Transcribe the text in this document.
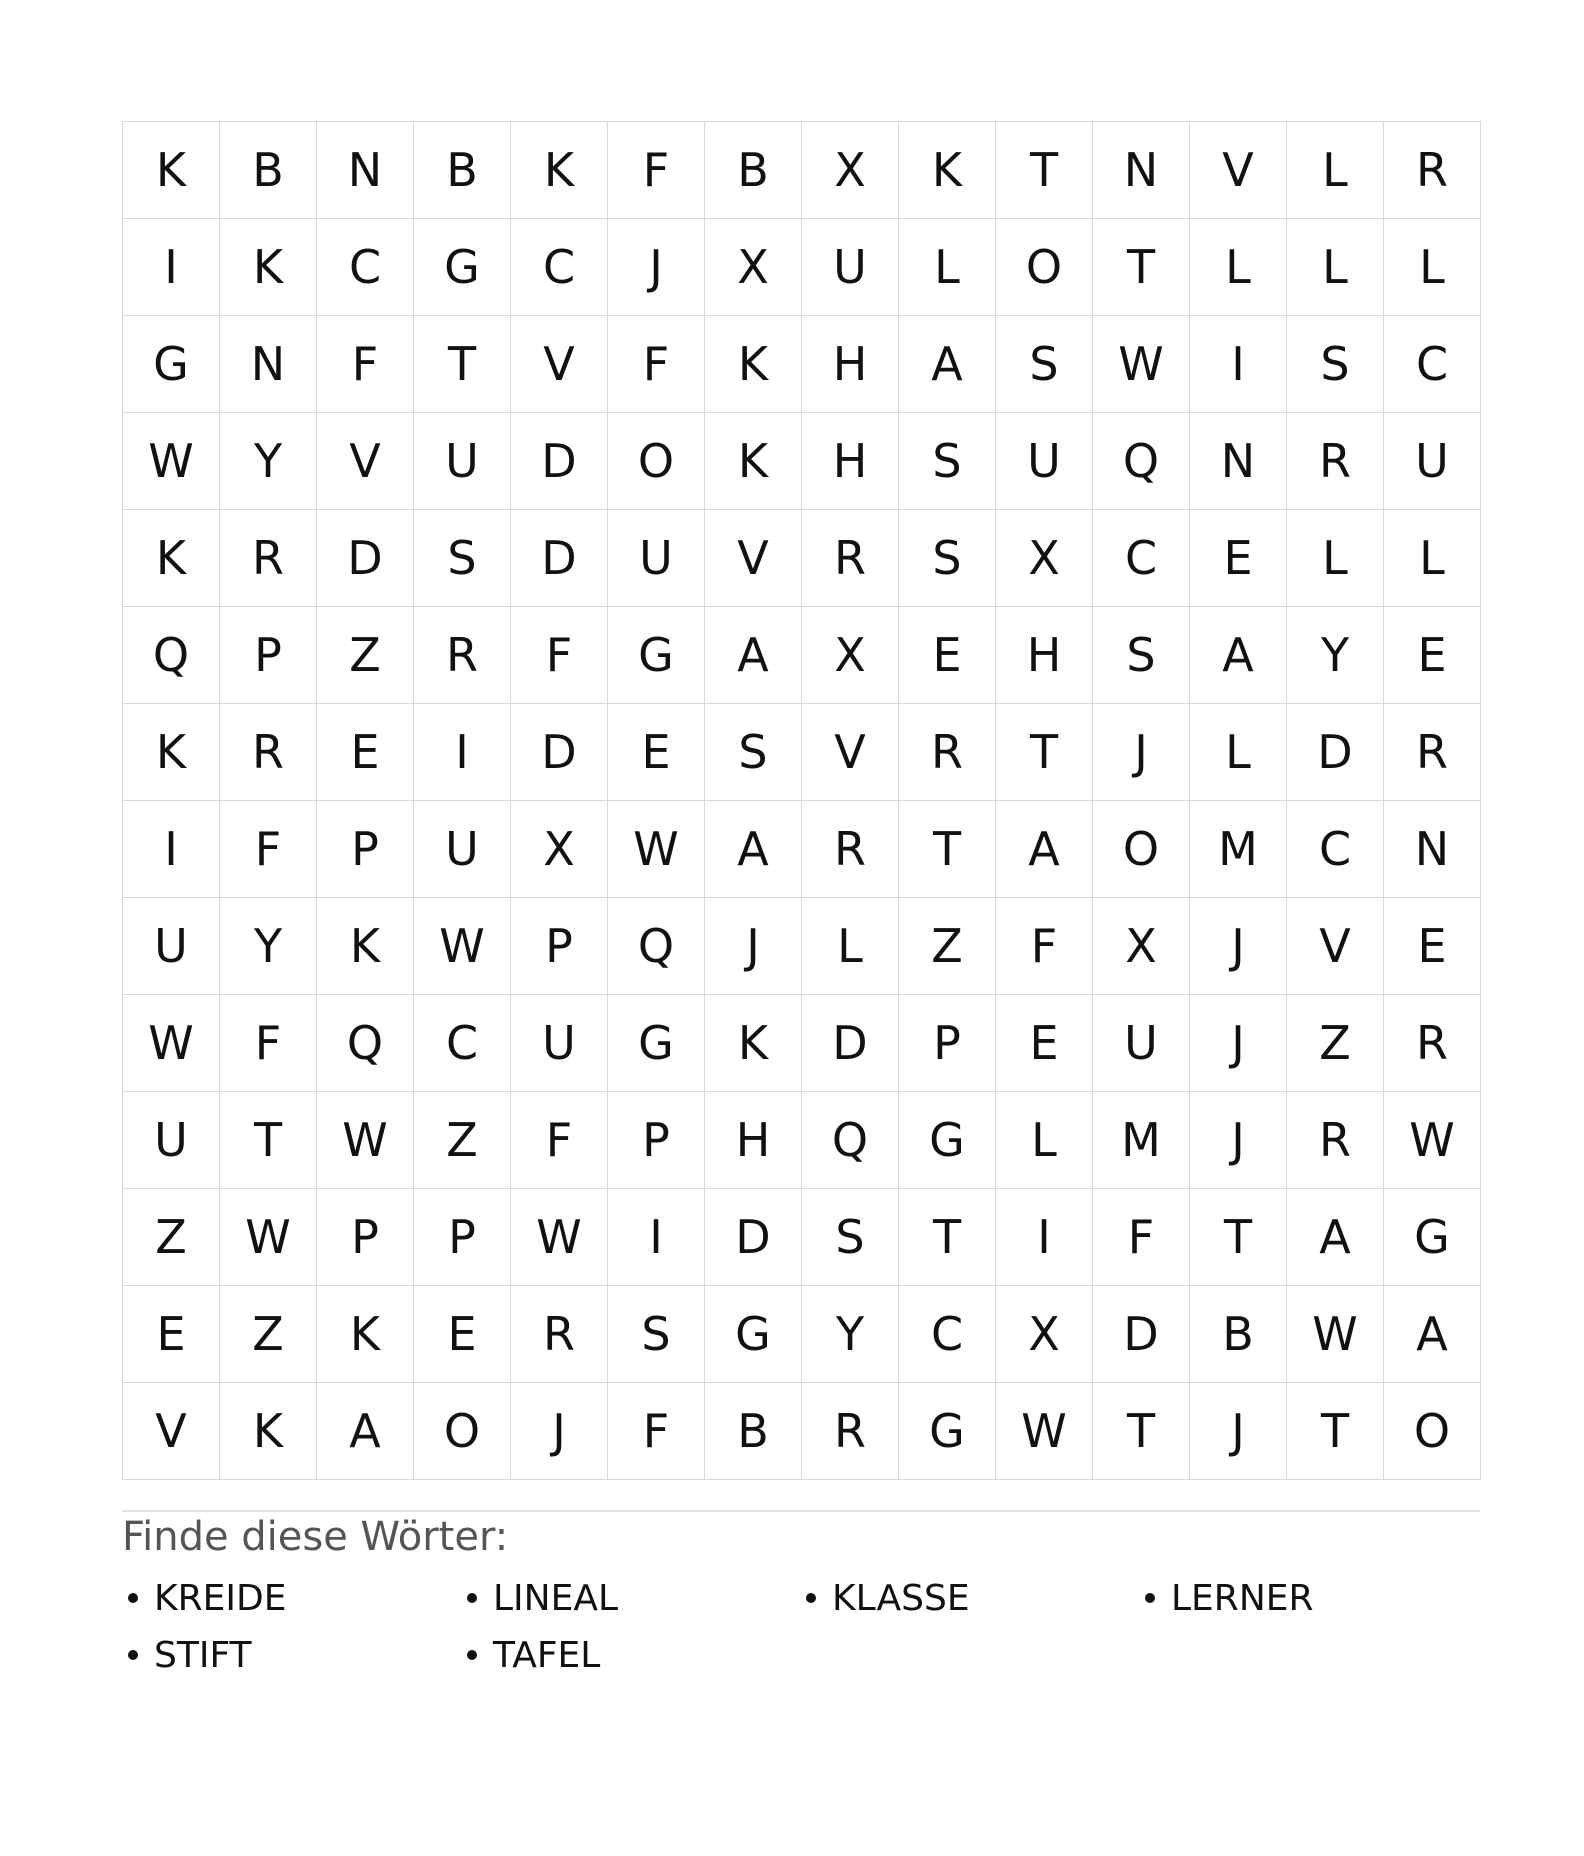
K	B	N	B	K	F	B	X	K	T	N	V	L	R
I	K	C	G	C	J	X	U	L	O	T	L	L	L
G	N	F	T	V	F	K	H	A	S	W	I	S	C
W	Y	V	U	D	O	K	H	S	U	Q	N	R	U
K	R	D	S	D	U	V	R	S	X	C	E	L	L
Q	P	Z	R	F	G	A	X	E	H	S	A	Y	E
K	R	E	I	D	E	S	V	R	T	J	L	D	R
I	F	P	U	X	W	A	R	T	A	O	M	C	N
U	Y	K	W	P	Q	J	L	Z	F	X	J	V	E
W	F	Q	C	U	G	K	D	P	E	U	J	Z	R
U	T	W	Z	F	P	H	Q	G	L	M	J	R	W
Z	W	P	P	W	I	D	S	T	I	F	T	A	G
E	Z	K	E	R	S	G	Y	C	X	D	B	W	A
V	K	A	O	J	F	B	R	G	W	T	J	T	O
Finde diese Wörter:
KREIDE	LINEAL	KLASSE	LERNER
STIFT	TAFEL
